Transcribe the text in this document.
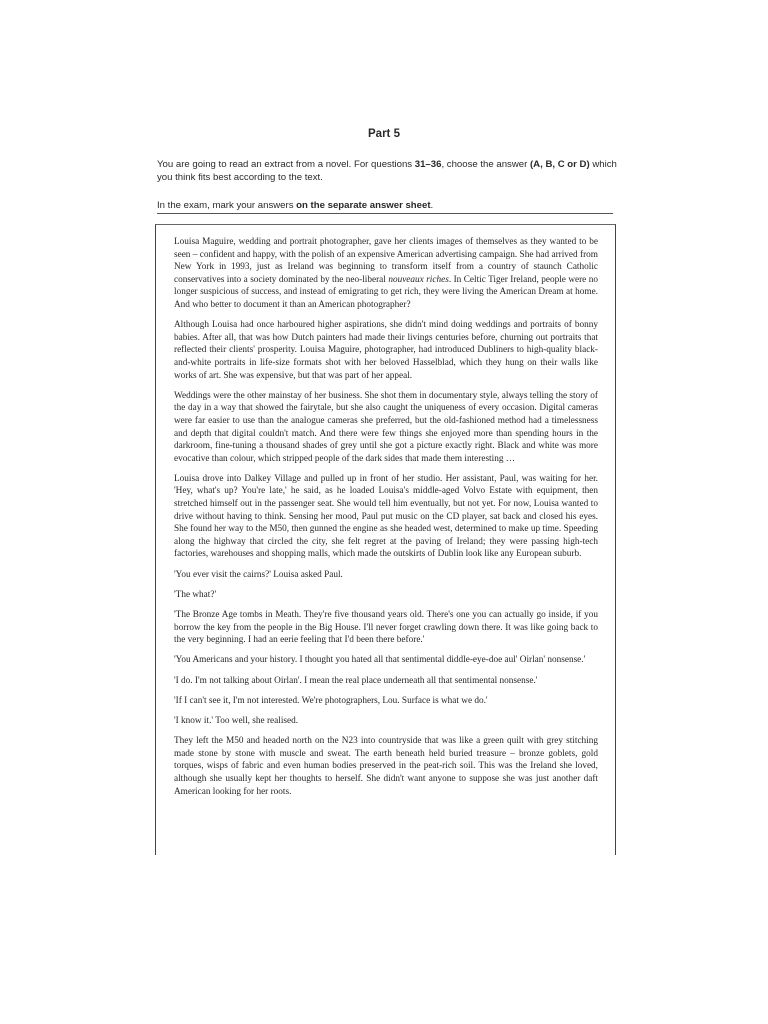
Part 5

You are going to read an extract from a novel. For questions 31–36, choose the answer (A, B, C or D) which you think fits best according to the text.

In the exam, mark your answers on the separate answer sheet.

Louisa Maguire, wedding and portrait photographer, gave her clients images of themselves as they wanted to be seen – confident and happy, with the polish of an expensive American advertising campaign. She had arrived from New York in 1993, just as Ireland was beginning to transform itself from a country of staunch Catholic conservatives into a society dominated by the neo-liberal nouveaux riches. In Celtic Tiger Ireland, people were no longer suspicious of success, and instead of emigrating to get rich, they were living the American Dream at home. And who better to document it than an American photographer?

Although Louisa had once harboured higher aspirations, she didn't mind doing weddings and portraits of bonny babies. After all, that was how Dutch painters had made their livings centuries before, churning out portraits that reflected their clients' prosperity. Louisa Maguire, photographer, had introduced Dubliners to high-quality black-and-white portraits in life-size formats shot with her beloved Hasselblad, which they hung on their walls like works of art. She was expensive, but that was part of her appeal.

Weddings were the other mainstay of her business. She shot them in documentary style, always telling the story of the day in a way that showed the fairytale, but she also caught the uniqueness of every occasion. Digital cameras were far easier to use than the analogue cameras she preferred, but the old-fashioned method had a timelessness and depth that digital couldn't match. And there were few things she enjoyed more than spending hours in the darkroom, fine-tuning a thousand shades of grey until she got a picture exactly right. Black and white was more evocative than colour, which stripped people of the dark sides that made them interesting …

Louisa drove into Dalkey Village and pulled up in front of her studio. Her assistant, Paul, was waiting for her. 'Hey, what's up? You're late,' he said, as he loaded Louisa's middle-aged Volvo Estate with equipment, then stretched himself out in the passenger seat. She would tell him eventually, but not yet. For now, Louisa wanted to drive without having to think. Sensing her mood, Paul put music on the CD player, sat back and closed his eyes. She found her way to the M50, then gunned the engine as she headed west, determined to make up time. Speeding along the highway that circled the city, she felt regret at the paving of Ireland; they were passing high-tech factories, warehouses and shopping malls, which made the outskirts of Dublin look like any European suburb.

'You ever visit the cairns?' Louisa asked Paul.

'The what?'

'The Bronze Age tombs in Meath. They're five thousand years old. There's one you can actually go inside, if you borrow the key from the people in the Big House. I'll never forget crawling down there. It was like going back to the very beginning. I had an eerie feeling that I'd been there before.'

'You Americans and your history. I thought you hated all that sentimental diddle-eye-doe aul' Oirlan' nonsense.'

'I do. I'm not talking about Oirlan'. I mean the real place underneath all that sentimental nonsense.'

'If I can't see it, I'm not interested. We're photographers, Lou. Surface is what we do.'

'I know it.' Too well, she realised.

They left the M50 and headed north on the N23 into countryside that was like a green quilt with grey stitching made stone by stone with muscle and sweat. The earth beneath held buried treasure – bronze goblets, gold torques, wisps of fabric and even human bodies preserved in the peat-rich soil. This was the Ireland she loved, although she usually kept her thoughts to herself. She didn't want anyone to suppose she was just another daft American looking for her roots.
